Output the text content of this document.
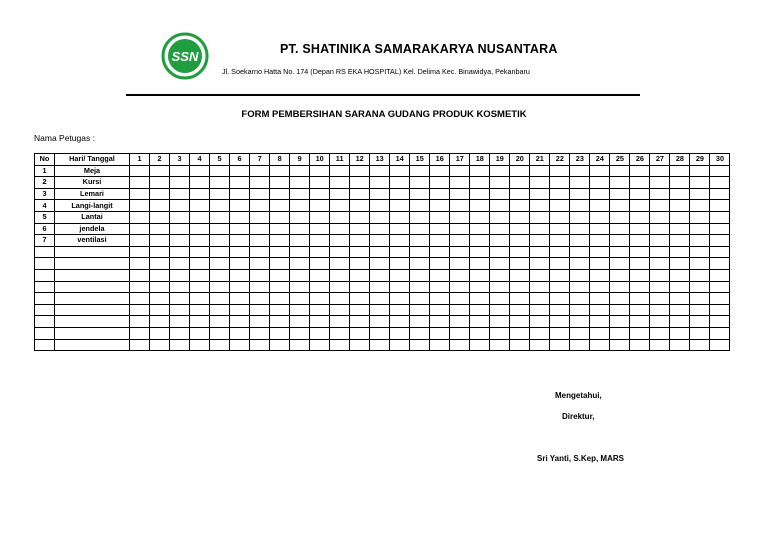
SSN	PT. SHATINIKA SAMARAKARYA NUSANTARA
Jl. Soekarno Hatta No. 174 (Depan RS EKA HOSPITAL) Kel. Delima Kec. Binawidya, Pekanbaru
FORM PEMBERSIHAN SARANA GUDANG PRODUK KOSMETIK
Nama Petugas :
No	Hari/ Tanggal	1	2	3	4	5	6	7	8	9	10	11	12	13	14	15	16	17	18	19	20	21	22	23	24	25	26	27	28	29	30
1	Meja																														
2	Kursi																														
3	Lemari																														
4	Langi-langit																														
5	Lantai																														
6	jendela																														
7	ventilasi																														

Mengetahui,
Direktur,
Sri Yanti, S.Kep, MARS
